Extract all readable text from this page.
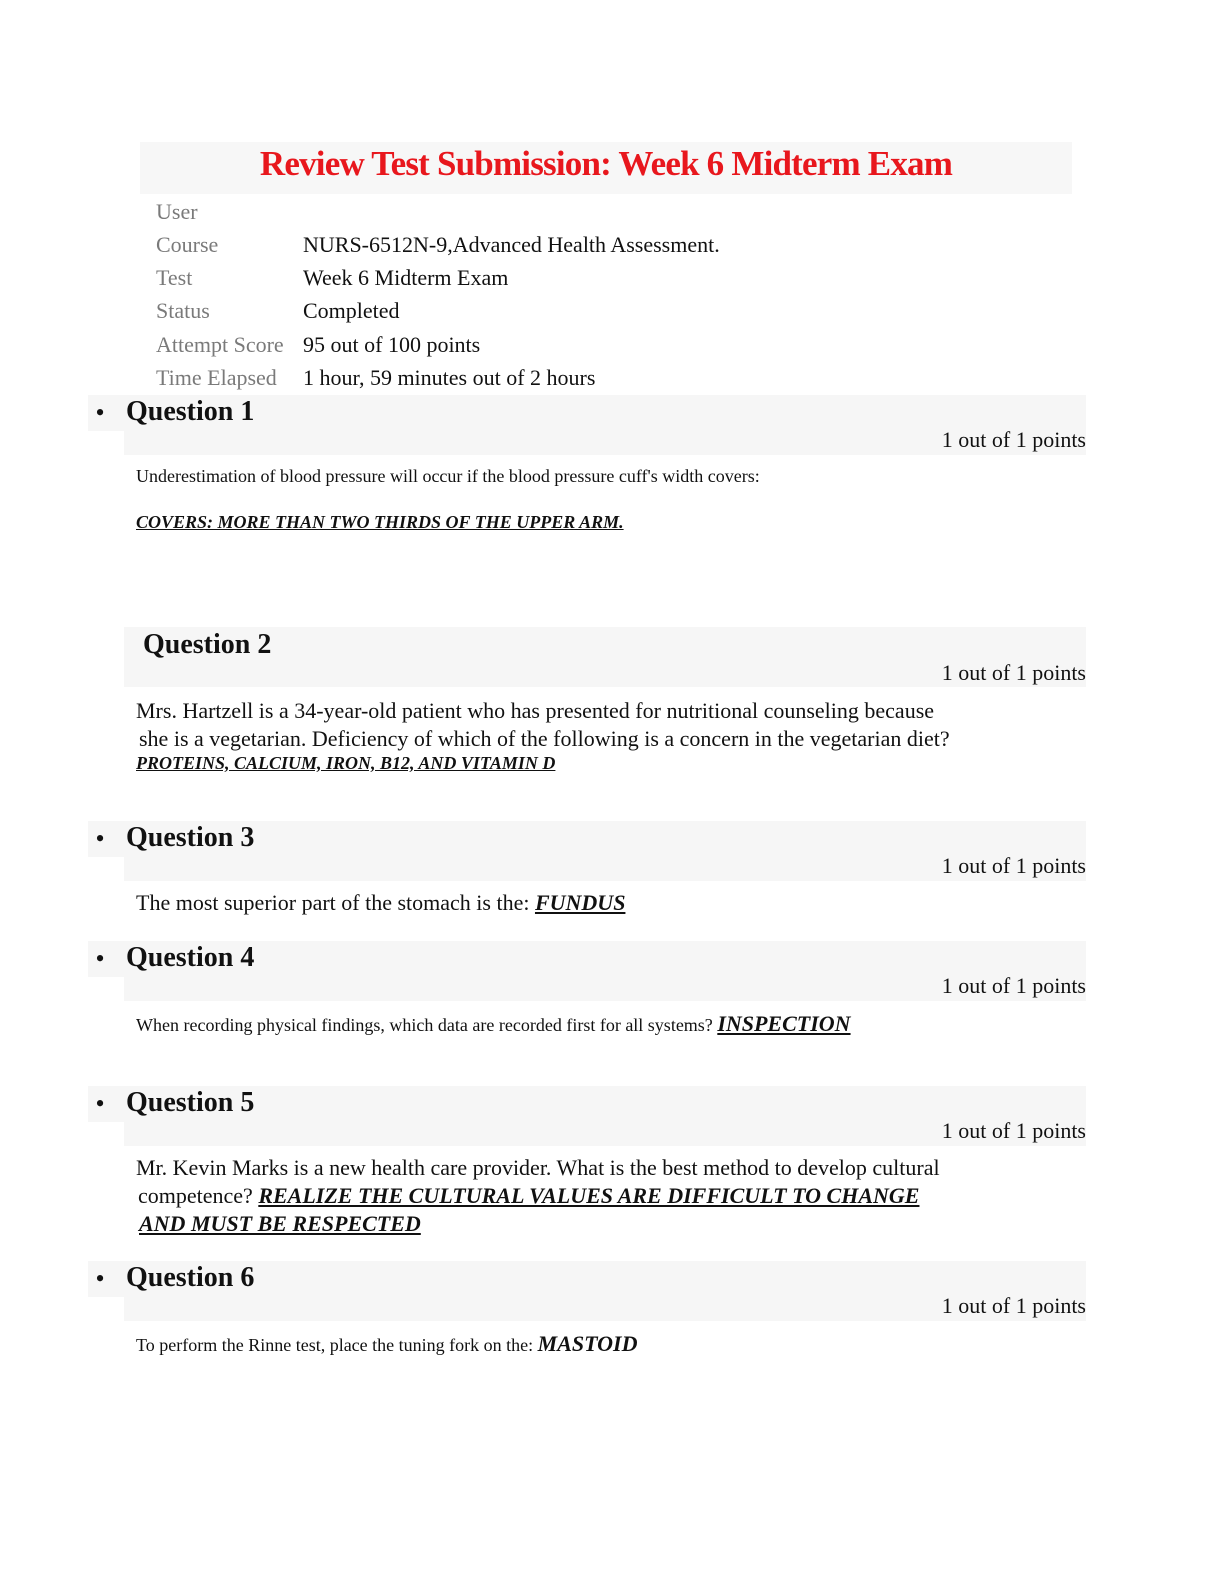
Review Test Submission: Week 6 Midterm Exam
User
Course	NURS-6512N-9,Advanced Health Assessment.
Test	Week 6 Midterm Exam
Status	Completed
Attempt Score 95 out of 100 points
Time Elapsed 1 hour, 59 minutes out of 2 hours
• Question 1
1 out of 1 points
Underestimation of blood pressure will occur if the blood pressure cuff's width covers:
COVERS: MORE THAN TWO THIRDS OF THE UPPER ARM.
Question 2
1 out of 1 points
Mrs. Hartzell is a 34-year-old patient who has presented for nutritional counseling because
she is a vegetarian. Deficiency of which of the following is a concern in the vegetarian diet?
PROTEINS, CALCIUM, IRON, B12, AND VITAMIN D
• Question 3
1 out of 1 points
The most superior part of the stomach is the: FUNDUS
• Question 4
1 out of 1 points
When recording physical findings, which data are recorded first for all systems? INSPECTION
• Question 5
1 out of 1 points
Mr. Kevin Marks is a new health care provider. What is the best method to develop cultural
competence? REALIZE THE CULTURAL VALUES ARE DIFFICULT TO CHANGE
AND MUST BE RESPECTED
• Question 6
1 out of 1 points
To perform the Rinne test, place the tuning fork on the: MASTOID
